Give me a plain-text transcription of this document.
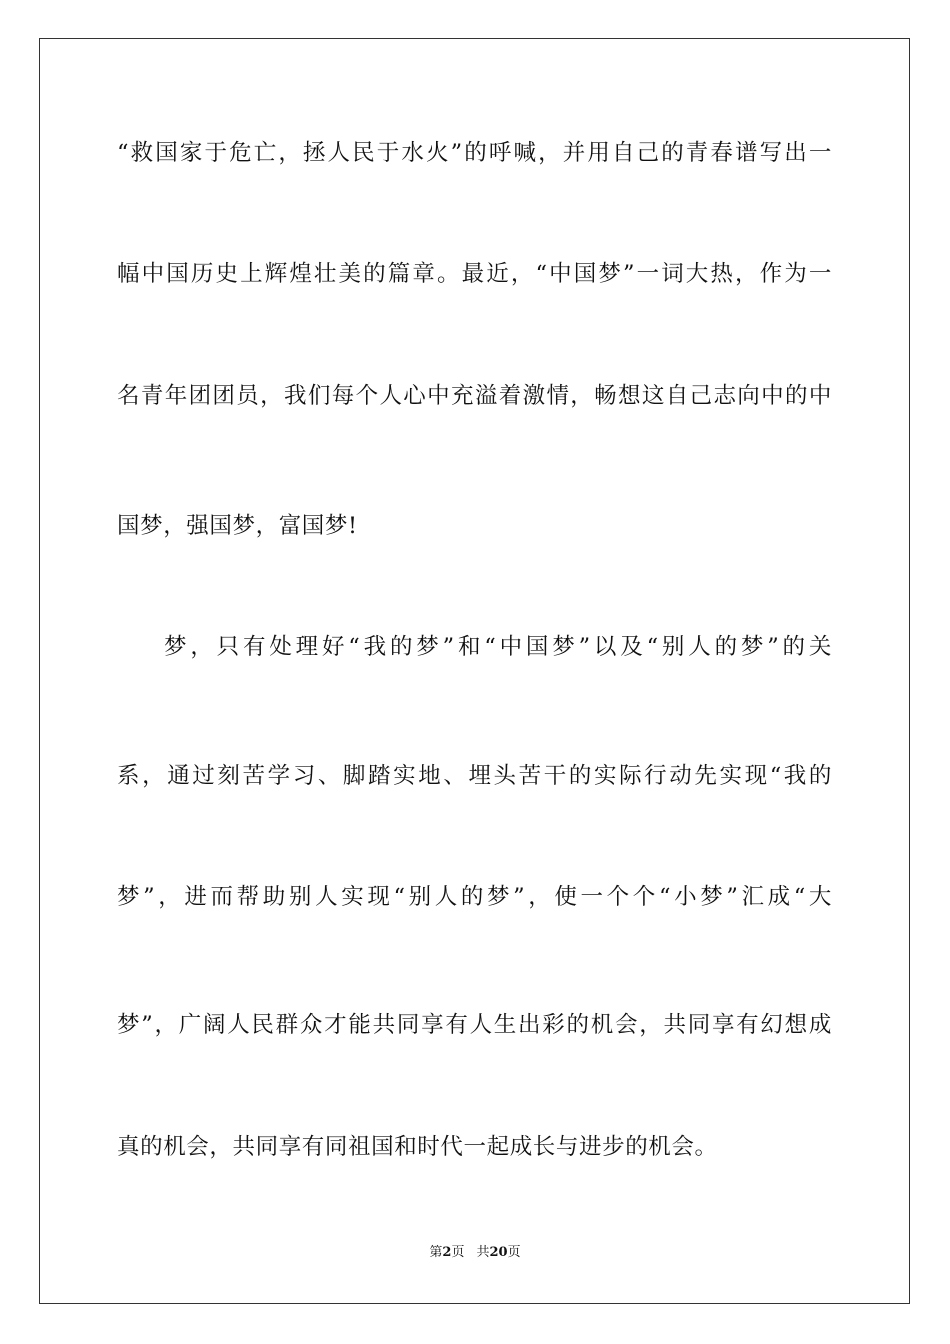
“救国家于危亡，拯人民于水火”的呼喊，并用自己的青春谱写出一
幅中国历史上辉煌壮美的篇章。最近，“中国梦”一词大热，作为一
名青年团团员，我们每个人心中充溢着激情，畅想这自己志向中的中
国梦，强国梦，富国梦!
梦，只有处理好“我的梦”和“中国梦”以及“别人的梦”的关
系，通过刻苦学习、脚踏实地、埋头苦干的实际行动先实现“我的
梦”，进而帮助别人实现“别人的梦”，使一个个“小梦”汇成“大
梦”，广阔人民群众才能共同享有人生出彩的机会，共同享有幻想成
真的机会，共同享有同祖国和时代一起成长与进步的机会。
第2页 共20页
